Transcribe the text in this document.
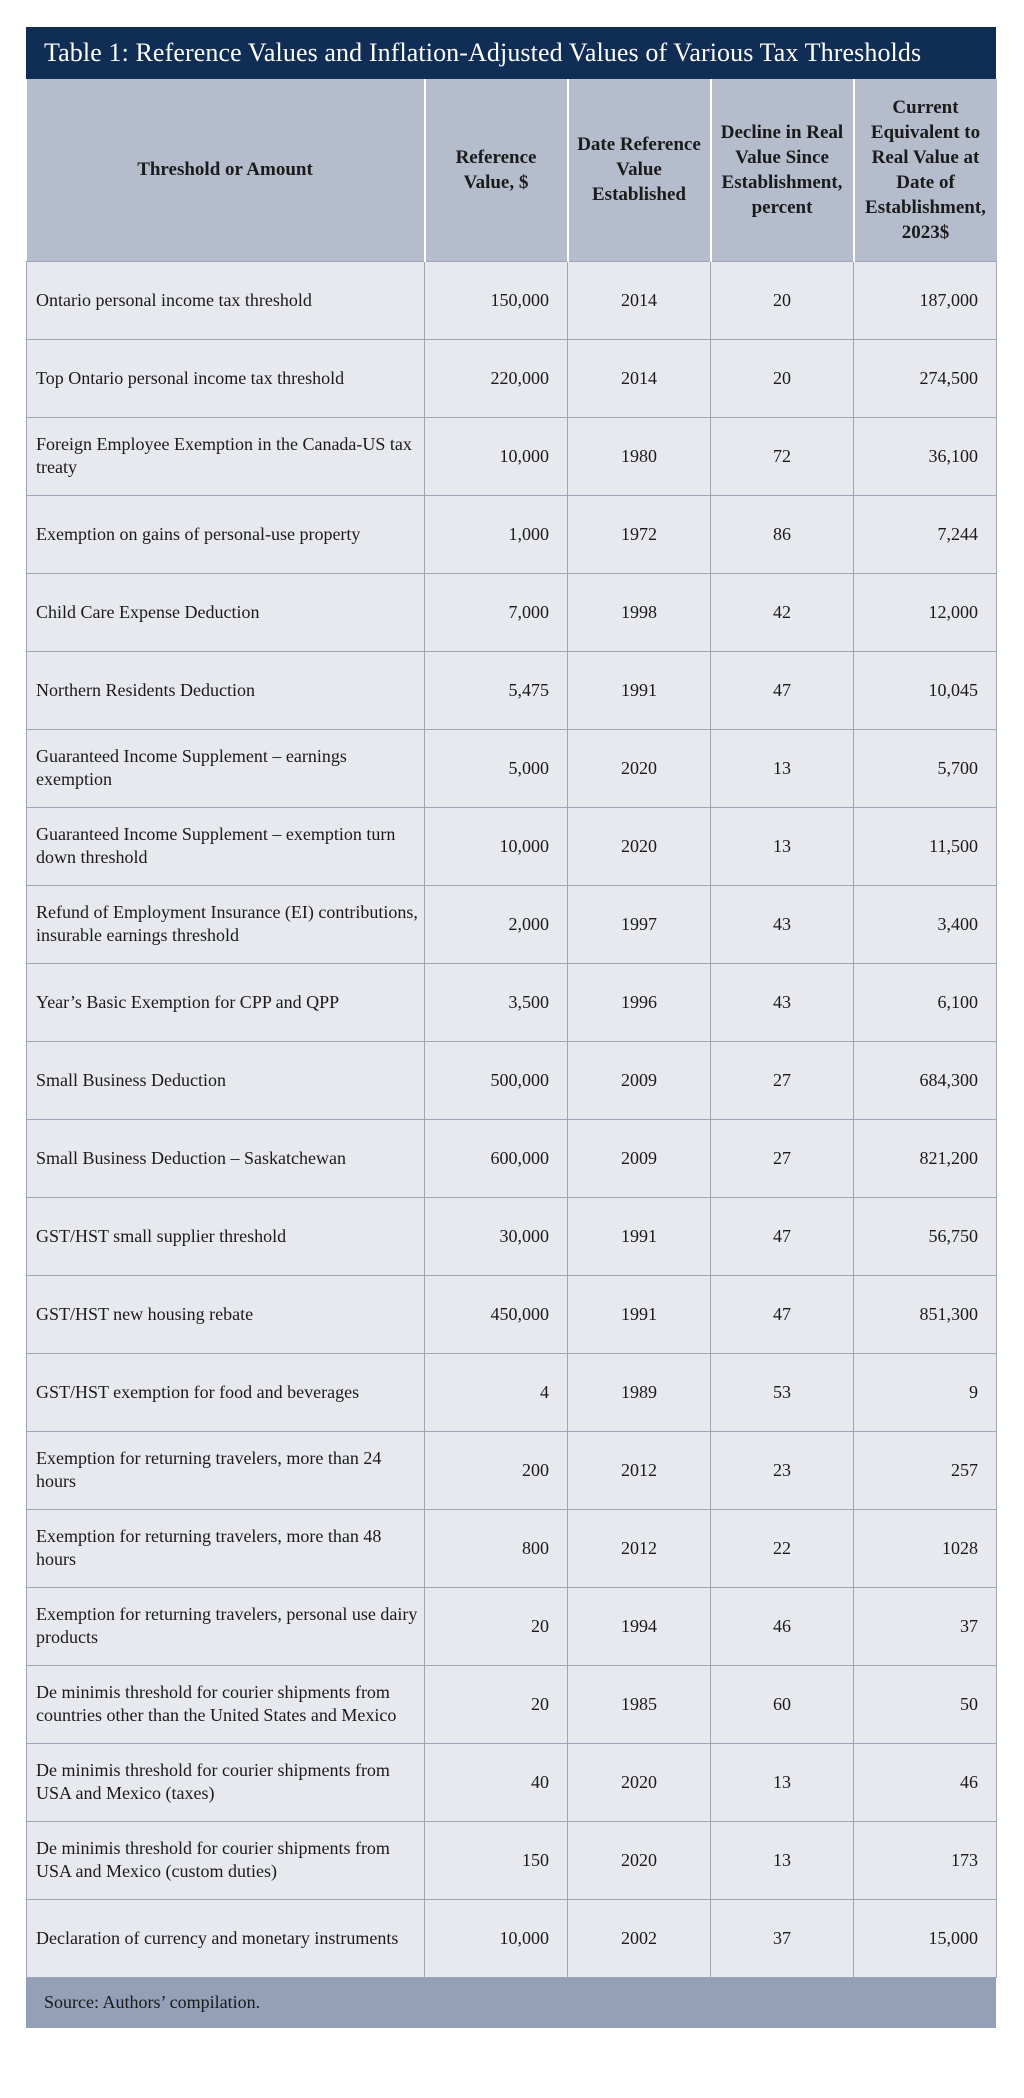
Table 1: Reference Values and Inflation-Adjusted Values of Various Tax Thresholds
Threshold or Amount	Reference Value, $	Date Reference Value Established	Decline in Real Value Since Establishment, percent	Current Equivalent to Real Value at Date of Establishment, 2023$
Ontario personal income tax threshold	150,000	2014	20	187,000
Top Ontario personal income tax threshold	220,000	2014	20	274,500
Foreign Employee Exemption in the Canada-US tax treaty	10,000	1980	72	36,100
Exemption on gains of personal-use property	1,000	1972	86	7,244
Child Care Expense Deduction	7,000	1998	42	12,000
Northern Residents Deduction	5,475	1991	47	10,045
Guaranteed Income Supplement – earnings exemption	5,000	2020	13	5,700
Guaranteed Income Supplement – exemption turn down threshold	10,000	2020	13	11,500
Refund of Employment Insurance (EI) contributions, insurable earnings threshold	2,000	1997	43	3,400
Year’s Basic Exemption for CPP and QPP	3,500	1996	43	6,100
Small Business Deduction	500,000	2009	27	684,300
Small Business Deduction – Saskatchewan	600,000	2009	27	821,200
GST/HST small supplier threshold	30,000	1991	47	56,750
GST/HST new housing rebate	450,000	1991	47	851,300
GST/HST exemption for food and beverages	4	1989	53	9
Exemption for returning travelers, more than 24 hours	200	2012	23	257
Exemption for returning travelers, more than 48 hours	800	2012	22	1028
Exemption for returning travelers, personal use dairy products	20	1994	46	37
De minimis threshold for courier shipments from countries other than the United States and Mexico	20	1985	60	50
De minimis threshold for courier shipments from USA and Mexico (taxes)	40	2020	13	46
De minimis threshold for courier shipments from USA and Mexico (custom duties)	150	2020	13	173
Declaration of currency and monetary instruments	10,000	2002	37	15,000
Source: Authors’ compilation.
